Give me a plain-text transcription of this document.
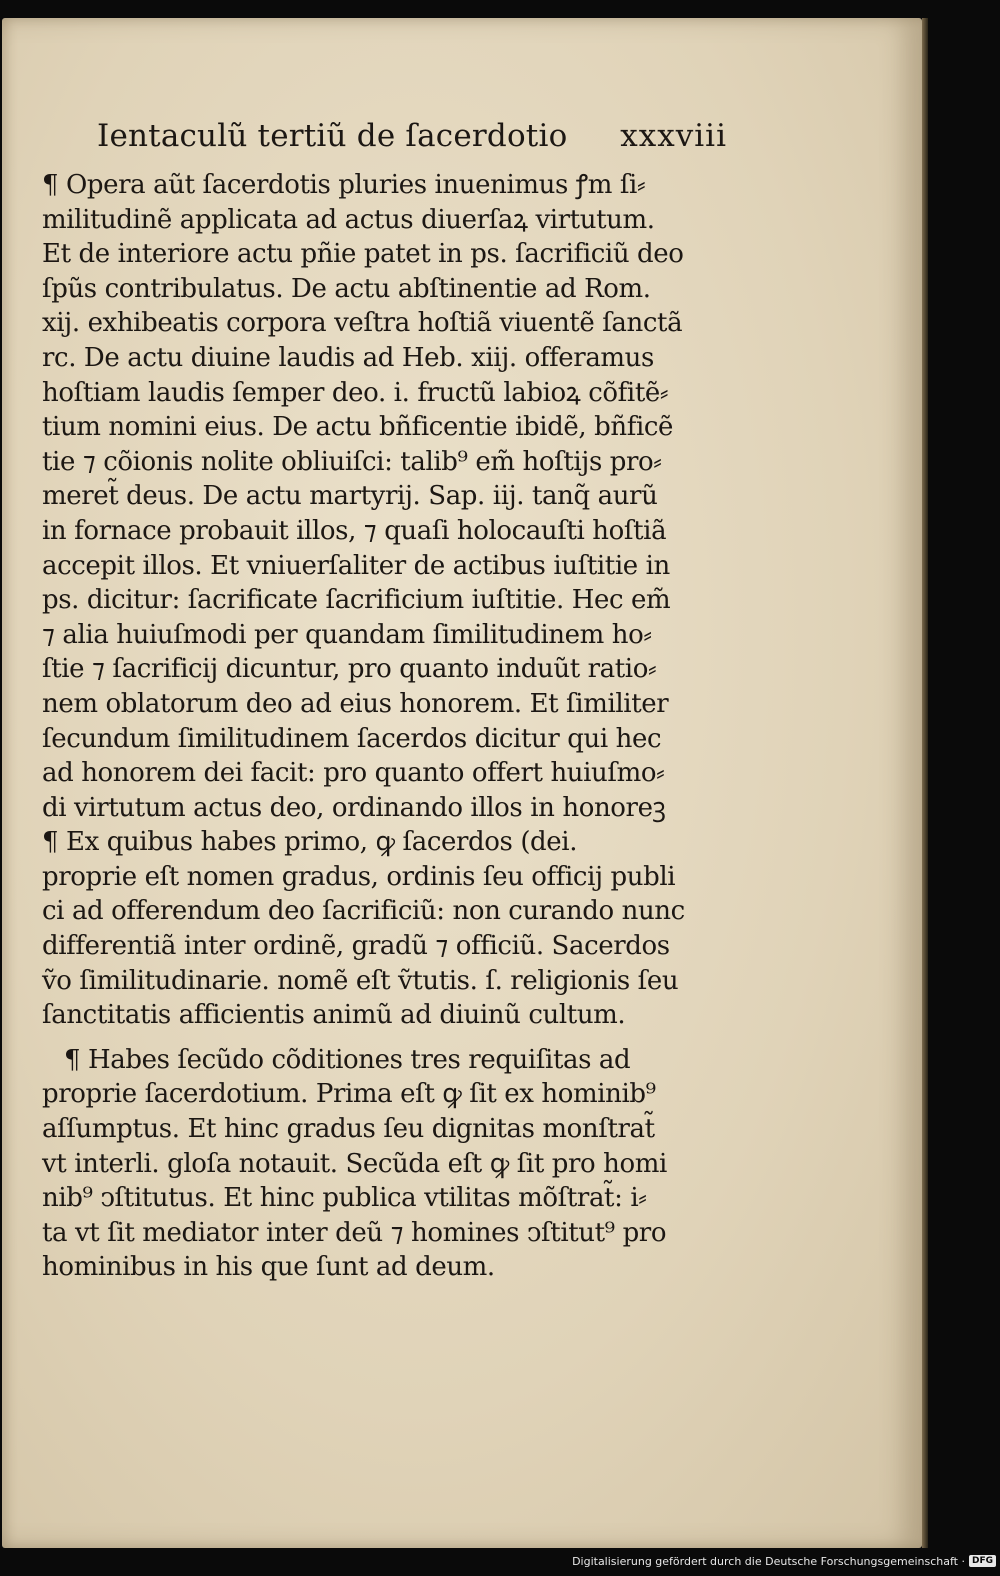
Ientaculũ tertiũ de ſacerdotio xxxviii
¶ Opera aũt ſacerdotis pluries inuenimus ꝭm ſi⸗
militudinẽ applicata ad actus diuerſaꝝ virtutum.
Et de interiore actu pñie patet in ps. ſacrificiũ deo
ſpũs contribulatus. De actu abſtinentie ad Rom.
xij. exhibeatis corpora veſtra hoſtiã viuentẽ ſanctã
rc. De actu diuine laudis ad Heb. xiij. offeramus
hoſtiam laudis ſemper deo. i. fructũ labioꝝ cõfitẽ⸗
tium nomini eius. De actu bñficentie ibidẽ, bñficẽ
tie ⁊ cõionis nolite obliuiſci: talib⁹ em̃ hoſtijs pro⸗
meret̃ deus. De actu martyrij. Sap. iij. tanq̃ aurũ
in fornace probauit illos, ⁊ quaſi holocauſti hoſtiã
accepit illos. Et vniuerſaliter de actibus iuſtitie in
ps. dicitur: ſacrificate ſacrificium iuſtitie. Hec em̃
⁊ alia huiuſmodi per quandam ſimilitudinem ho⸗
ſtie ⁊ ſacrificij dicuntur, pro quanto induũt ratio⸗
nem oblatorum deo ad eius honorem. Et ſimiliter
ſecundum ſimilitudinem ſacerdos dicitur qui hec
ad honorem dei facit: pro quanto offert huiuſmo⸗
di virtutum actus deo, ordinando illos in honoreꝫ
¶ Ex quibus habes primo, ꝙ ſacerdos (dei.
proprie eſt nomen gradus, ordinis ſeu officij publi
ci ad offerendum deo ſacrificiũ: non curando nunc
differentiã inter ordinẽ, gradũ ⁊ officiũ. Sacerdos
ṽo ſimilitudinarie. nomẽ eſt ṽtutis. ſ. religionis ſeu
ſanctitatis afficientis animũ ad diuinũ cultum.
¶ Habes ſecũdo cõditiones tres requiſitas ad
proprie ſacerdotium. Prima eſt ꝙ ſit ex hominib⁹
aſſumptus. Et hinc gradus ſeu dignitas monſtrat̃
vt interli. gloſa notauit. Secũda eſt ꝙ ſit pro homi
nib⁹ ↄſtitutus. Et hinc publica vtilitas mõſtrat̃: i⸗
ta vt ſit mediator inter deũ ⁊ homines ↄſtitut⁹ pro
hominibus in his que ſunt ad deum.
Digitalisierung gefördert durch die Deutsche Forschungsgemeinschaft · DFG
